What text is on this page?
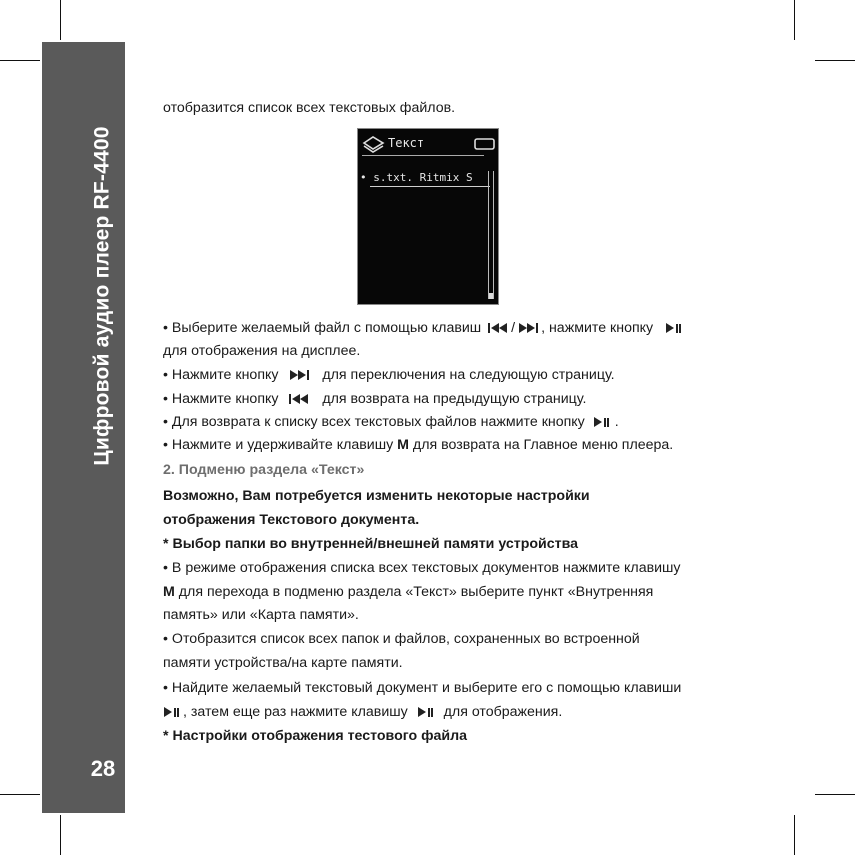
Цифровой аудио плеер RF-4400
28
Текст
• s.txt. Ritmix S
отобразится список всех текстовых файлов.
• Выберите желаемый файл с помощью клавиш / , нажмите кнопку
для отображения на дисплее.
• Нажмите кнопку	для переключения на следующую страницу.
• Нажмите кнопку	для возврата на предыдущую страницу.
• Для возврата к списку всех текстовых файлов нажмите кнопку .
• Нажмите и удерживайте клавишу M для возврата на Главное меню плеера.
2. Подменю раздела «Текст»
Возможно, Вам потребуется изменить некоторые настройки
отображения Текстового документа.
* Выбор папки во внутренней/внешней памяти устройства
• В режиме отображения списка всех текстовых документов нажмите клавишу
M для перехода в подменю раздела «Текст» выберите пункт «Внутренняя
память» или «Карта памяти».
• Отобразится список всех папок и файлов, сохраненных во встроенной
памяти устройства/на карте памяти.
• Найдите желаемый текстовый документ и выберите его с помощью клавиши
, затем еще раз нажмите клавишу	для отображения.
* Настройки отображения тестового файла
